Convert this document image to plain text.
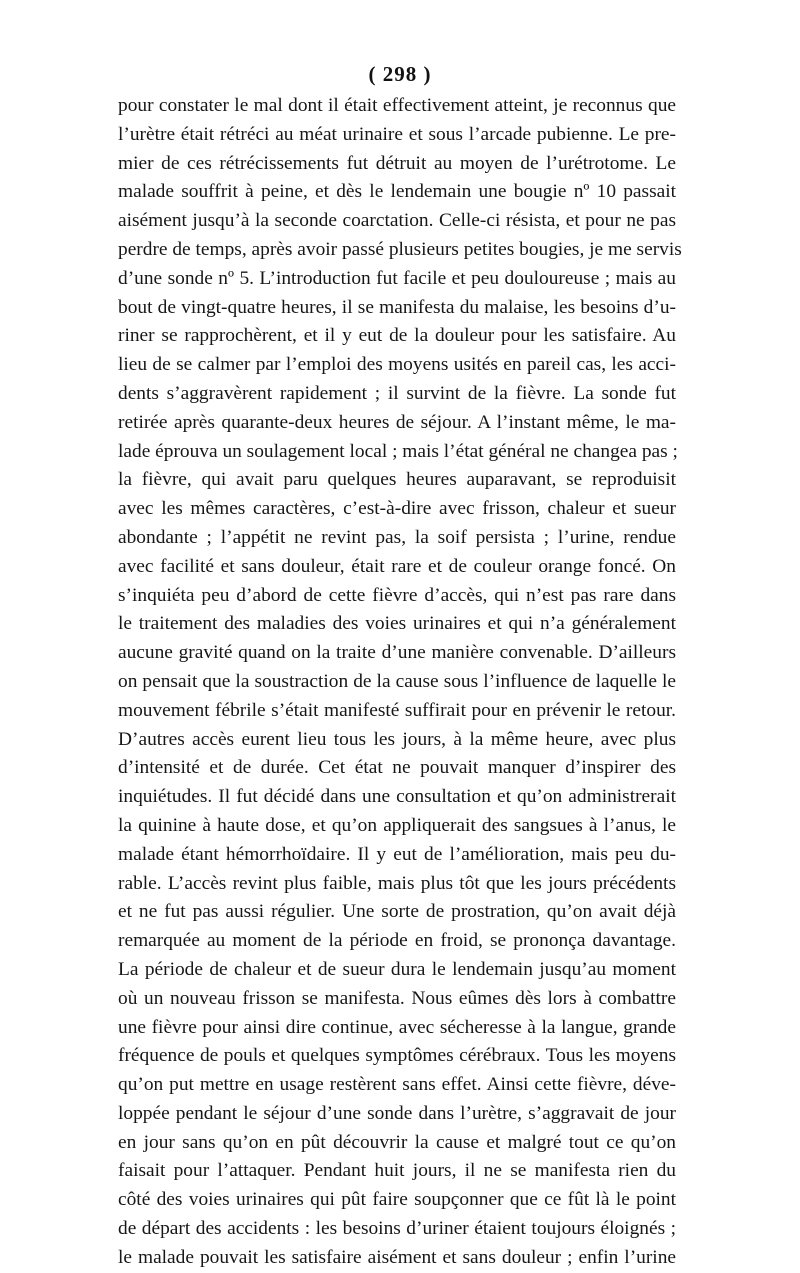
( 298 )
pour constater le mal dont il était effectivement atteint, je reconnus que
l’urètre était rétréci au méat urinaire et sous l’arcade pubienne. Le pre-
mier de ces rétrécissements fut détruit au moyen de l’urétrotome. Le
malade souffrit à peine, et dès le lendemain une bougie nº 10 passait
aisément jusqu’à la seconde coarctation. Celle-ci résista, et pour ne pas
perdre de temps, après avoir passé plusieurs petites bougies, je me servis
d’une sonde nº 5. L’introduction fut facile et peu douloureuse ; mais au
bout de vingt-quatre heures, il se manifesta du malaise, les besoins d’u-
riner se rapprochèrent, et il y eut de la douleur pour les satisfaire. Au
lieu de se calmer par l’emploi des moyens usités en pareil cas, les acci-
dents s’aggravèrent rapidement ; il survint de la fièvre. La sonde fut
retirée après quarante-deux heures de séjour. A l’instant même, le ma-
lade éprouva un soulagement local ; mais l’état général ne changea pas ;
la fièvre, qui avait paru quelques heures auparavant, se reproduisit
avec les mêmes caractères, c’est-à-dire avec frisson, chaleur et sueur
abondante ; l’appétit ne revint pas, la soif persista ; l’urine, rendue
avec facilité et sans douleur, était rare et de couleur orange foncé. On
s’inquiéta peu d’abord de cette fièvre d’accès, qui n’est pas rare dans
le traitement des maladies des voies urinaires et qui n’a généralement
aucune gravité quand on la traite d’une manière convenable. D’ailleurs
on pensait que la soustraction de la cause sous l’influence de laquelle le
mouvement fébrile s’était manifesté suffirait pour en prévenir le retour.
D’autres accès eurent lieu tous les jours, à la même heure, avec plus
d’intensité et de durée. Cet état ne pouvait manquer d’inspirer des
inquiétudes. Il fut décidé dans une consultation et qu’on administrerait
la quinine à haute dose, et qu’on appliquerait des sangsues à l’anus, le
malade étant hémorrhoïdaire. Il y eut de l’amélioration, mais peu du-
rable. L’accès revint plus faible, mais plus tôt que les jours précédents
et ne fut pas aussi régulier. Une sorte de prostration, qu’on avait déjà
remarquée au moment de la période en froid, se prononça davantage.
La période de chaleur et de sueur dura le lendemain jusqu’au moment
où un nouveau frisson se manifesta. Nous eûmes dès lors à combattre
une fièvre pour ainsi dire continue, avec sécheresse à la langue, grande
fréquence de pouls et quelques symptômes cérébraux. Tous les moyens
qu’on put mettre en usage restèrent sans effet. Ainsi cette fièvre, déve-
loppée pendant le séjour d’une sonde dans l’urètre, s’aggravait de jour
en jour sans qu’on en pût découvrir la cause et malgré tout ce qu’on
faisait pour l’attaquer. Pendant huit jours, il ne se manifesta rien du
côté des voies urinaires qui pût faire soupçonner que ce fût là le point
de départ des accidents : les besoins d’uriner étaient toujours éloignés ;
le malade pouvait les satisfaire aisément et sans douleur ; enfin l’urine
